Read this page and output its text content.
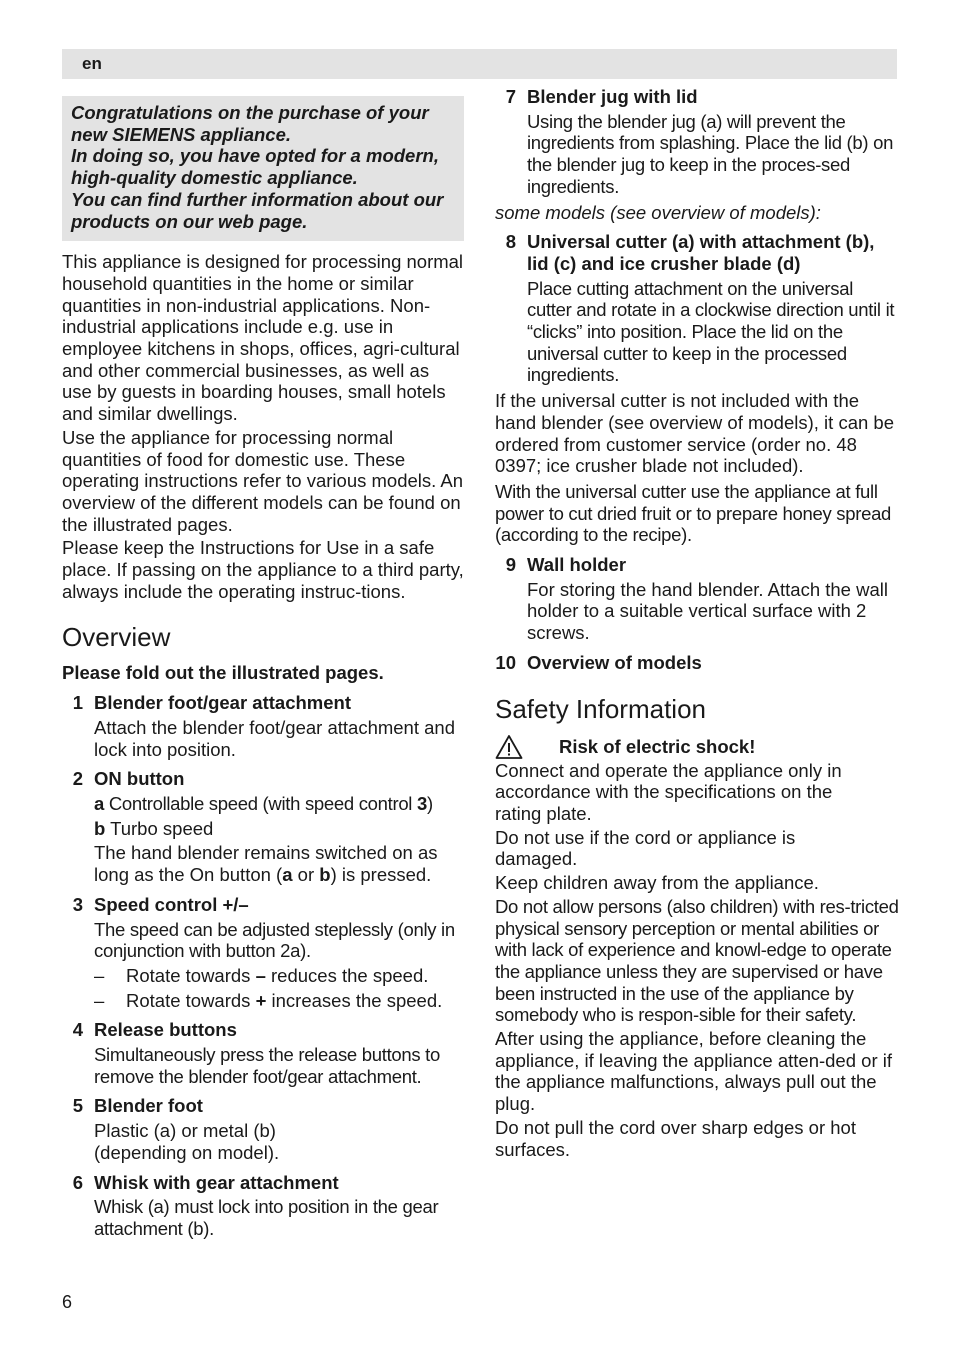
en
Congratulations on the purchase of your
new SIEMENS appliance.
In doing so, you have opted for a modern,
high-quality domestic appliance.
You can find further information about our
products on our web page.

This appliance is designed for processing normal household quantities in the home or similar quantities in non-industrial applications. Non-industrial applications include e.g. use in employee kitchens in shops, offices, agri-cultural and other commercial businesses, as well as use by guests in boarding houses, small hotels and similar dwellings.

Use the appliance for processing normal quantities of food for domestic use. These operating instructions refer to various models. An overview of the different models can be found on the illustrated pages.

Please keep the Instructions for Use in a safe place. If passing on the appliance to a third party, always include the operating instruc-tions.

Overview

Please fold out the illustrated pages.

1 Blender foot/gear attachment

Attach the blender foot/gear attachment and lock into position.

2 ON button

a Controllable speed (with speed control 3)

b Turbo speed

The hand blender remains switched on as long as the On button (a or b) is pressed.

3 Speed control +/–

The speed can be adjusted steplessly (only in conjunction with button 2a).

–	Rotate towards – reduces the speed.
–	Rotate towards + increases the speed.
4 Release buttons

Simultaneously press the release buttons to remove the blender foot/gear attachment.

5 Blender foot

Plastic (a) or metal (b)

(depending on model).

6 Whisk with gear attachment

Whisk (a) must lock into position in the gear attachment (b).

7 Blender jug with lid

Using the blender jug (a) will prevent the ingredients from splashing. Place the lid (b) on the blender jug to keep in the proces-sed ingredients.

some models (see overview of models):

8 Universal cutter (a) with attachment (b), lid (c) and ice crusher blade (d)

Place cutting attachment on the universal cutter and rotate in a clockwise direction until it “clicks” into position. Place the lid on the universal cutter to keep in the processed ingredients.

If the universal cutter is not included with the hand blender (see overview of models), it can be ordered from customer service (order no. 48 0397; ice crusher blade not included).

With the universal cutter use the appliance at full power to cut dried fruit or to prepare honey spread (according to the recipe).

9 Wall holder

For storing the hand blender. Attach the wall holder to a suitable vertical surface with 2 screws.

10 Overview of models
Safety Information
Risk of electric shock!

Connect and operate the appliance only in accordance with the specifications on the rating plate.

Do not use if the cord or appliance is damaged.

Keep children away from the appliance.

Do not allow persons (also children) with res-tricted physical sensory perception or mental abilities or with lack of experience and knowl-edge to operate the appliance unless they are supervised or have been instructed in the use of the appliance by somebody who is respon-sible for their safety.

After using the appliance, before cleaning the appliance, if leaving the appliance atten-ded or if the appliance malfunctions, always pull out the plug.

Do not pull the cord over sharp edges or hot surfaces.

6
